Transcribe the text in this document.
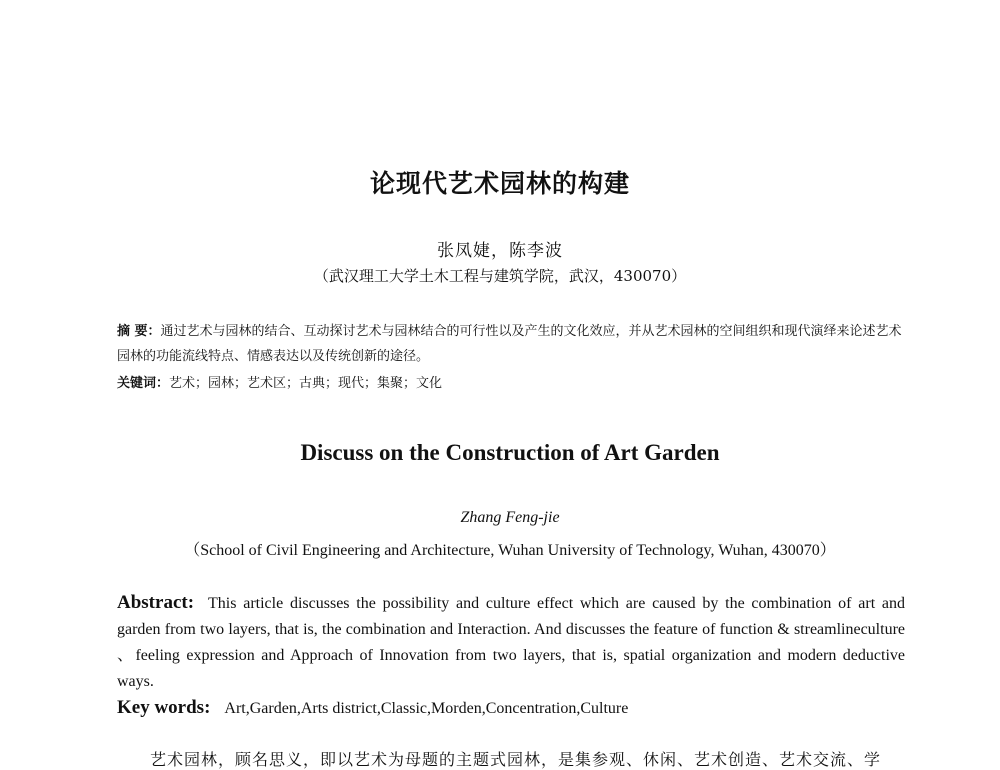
论现代艺术园林的构建
张凤婕，陈李波
（武汉理工大学土木工程与建筑学院，武汉，430070）
摘 要：通过艺术与园林的结合、互动探讨艺术与园林结合的可行性以及产生的文化效应，并从艺术园林的空间组织和现代演绎来论述艺术园林的功能流线特点、情感表达以及传统创新的途径。
关键词：艺术；园林；艺术区；古典；现代；集聚；文化
Discuss on the Construction of Art Garden
Zhang Feng-jie
（School of Civil Engineering and Architecture, Wuhan University of Technology, Wuhan, 430070）
Abstract: This article discusses the possibility and culture effect which are caused by the combination of art and garden from two layers, that is, the combination and Interaction. And discusses the feature of function & streamlineculture 、feeling expression and Approach of Innovation from two layers, that is, spatial organization and modern deductive ways.
Key words: Art,Garden,Arts district,Classic,Morden,Concentration,Culture
艺术园林，顾名思义，即以艺术为母题的主题式园林，是集参观、休闲、艺术创造、艺术交流、学
